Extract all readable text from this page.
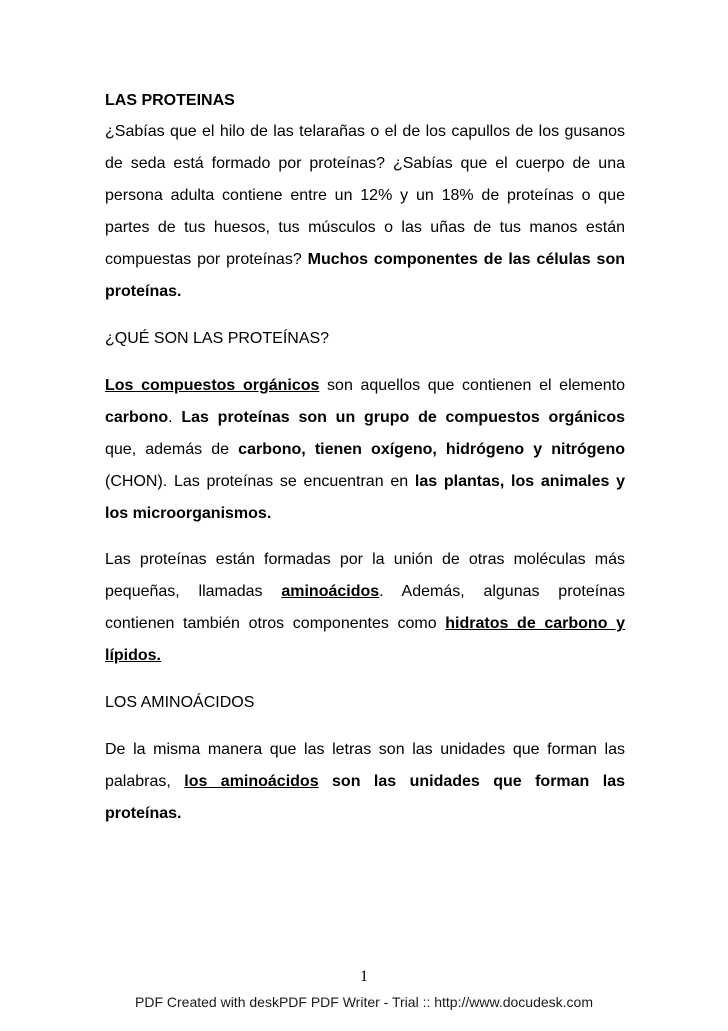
LAS PROTEINAS

¿Sabías que el hilo de las telarañas o el de los capullos de los gusanos de seda está formado por proteínas? ¿Sabías que el cuerpo de una persona adulta contiene entre un 12% y un 18% de proteínas o que partes de tus huesos, tus músculos o las uñas de tus manos están compuestas por proteínas? Muchos componentes de las células son proteínas.

¿QUÉ SON LAS PROTEÍNAS?

Los compuestos orgánicos son aquellos que contienen el elemento carbono. Las proteínas son un grupo de compuestos orgánicos que, además de carbono, tienen oxígeno, hidrógeno y nitrógeno (CHON). Las proteínas se encuentran en las plantas, los animales y los microorganismos.

Las proteínas están formadas por la unión de otras moléculas más pequeñas, llamadas aminoácidos. Además, algunas proteínas contienen también otros componentes como hidratos de carbono y lípidos.

LOS AMINOÁCIDOS

De la misma manera que las letras son las unidades que forman las palabras, los aminoácidos son las unidades que forman las proteínas.

1
PDF Created with deskPDF PDF Writer - Trial :: http://www.docudesk.com
